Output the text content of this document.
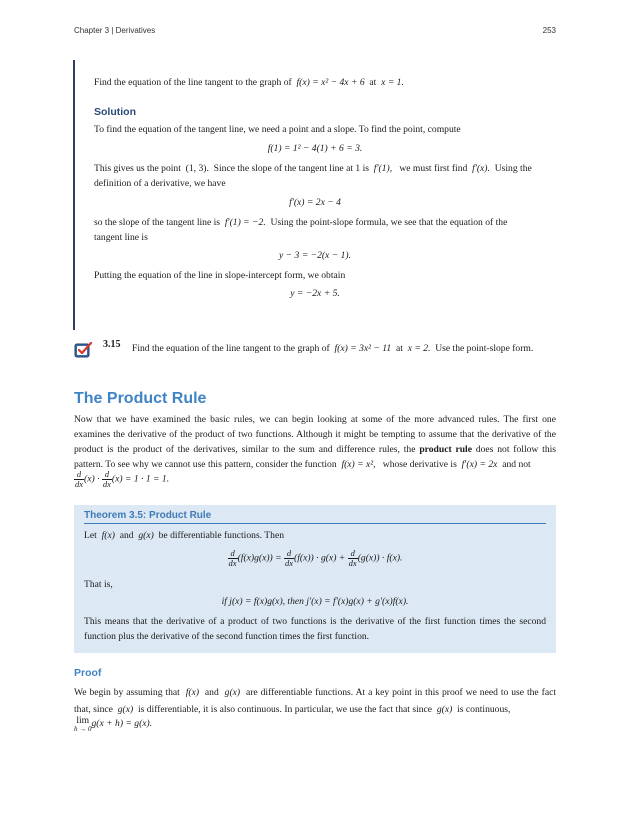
Chapter 3 | Derivatives	253
Find the equation of the line tangent to the graph of f(x) = x² − 4x + 6 at x = 1.
Solution
To find the equation of the tangent line, we need a point and a slope. To find the point, compute
f(1) = 1² − 4(1) + 6 = 3.
This gives us the point (1, 3). Since the slope of the tangent line at 1 is f′(1), we must first find f′(x). Using the definition of a derivative, we have
f′(x) = 2x − 4
so the slope of the tangent line is f′(1) = −2. Using the point-slope formula, we see that the equation of the tangent line is
y − 3 = −2(x − 1).
Putting the equation of the line in slope-intercept form, we obtain
y = −2x + 5.
3.15 Find the equation of the line tangent to the graph of f(x) = 3x² − 11 at x = 2. Use the point-slope form.
The Product Rule
Now that we have examined the basic rules, we can begin looking at some of the more advanced rules. The first one examines the derivative of the product of two functions. Although it might be tempting to assume that the derivative of the product is the product of the derivatives, similar to the sum and difference rules, the product rule does not follow this pattern. To see why we cannot use this pattern, consider the function f(x) = x², whose derivative is f′(x) = 2x and not
$\frac{d}{dx} (x) \cdot \frac{d}{dx} (x) = 1 \cdot 1 = 1$.
Theorem 3.5: Product Rule
Let f(x) and g(x) be differentiable functions. Then
$\frac{d}{dx} (f(x)g(x)) = \frac{d}{dx} (f(x)) \cdot g(x) + \frac{d}{dx} (g(x)) \cdot f(x)$.
That is,
if j(x) = f(x)g(x), then j′(x) = f′(x)g(x) + g′(x)f(x).
This means that the derivative of a product of two functions is the derivative of the first function times the second function plus the derivative of the second function times the first function.
Proof
We begin by assuming that f(x) and g(x) are differentiable functions. At a key point in this proof we need to use the fact that, since g(x) is differentiable, it is also continuous. In particular, we use the fact that since g(x) is continuous,
lim
h → 0 g(x + h) = g(x).
